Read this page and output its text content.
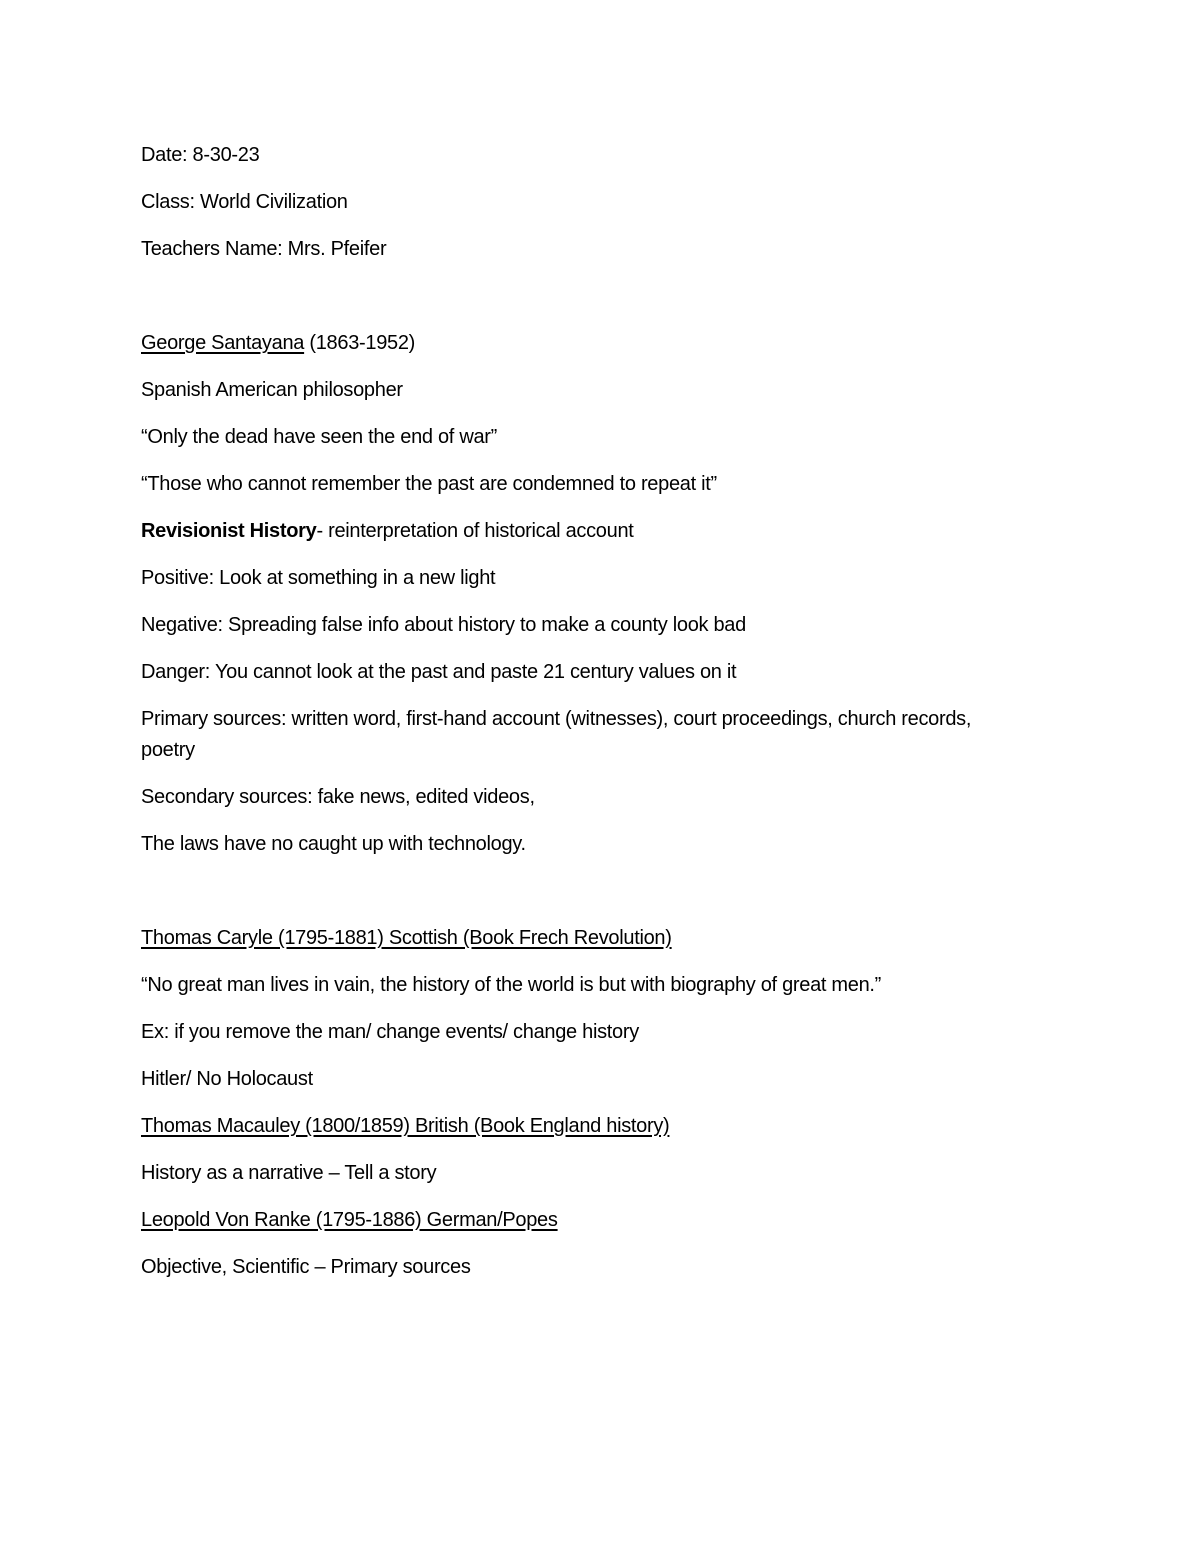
Date: 8-30-23
Class: World Civilization
Teachers Name: Mrs. Pfeifer
George Santayana (1863-1952)
Spanish American philosopher
“Only the dead have seen the end of war”
“Those who cannot remember the past are condemned to repeat it”
Revisionist History- reinterpretation of historical account
Positive: Look at something in a new light
Negative: Spreading false info about history to make a county look bad
Danger: You cannot look at the past and paste 21 century values on it
Primary sources: written word, first-hand account (witnesses), court proceedings, church records, poetry
Secondary sources: fake news, edited videos,
The laws have no caught up with technology.
Thomas Caryle (1795-1881) Scottish (Book Frech Revolution)
“No great man lives in vain, the history of the world is but with biography of great men.”
Ex: if you remove the man/ change events/ change history
Hitler/ No Holocaust
Thomas Macauley (1800/1859) British (Book England history)
History as a narrative – Tell a story
Leopold Von Ranke (1795-1886) German/Popes
Objective, Scientific – Primary sources
